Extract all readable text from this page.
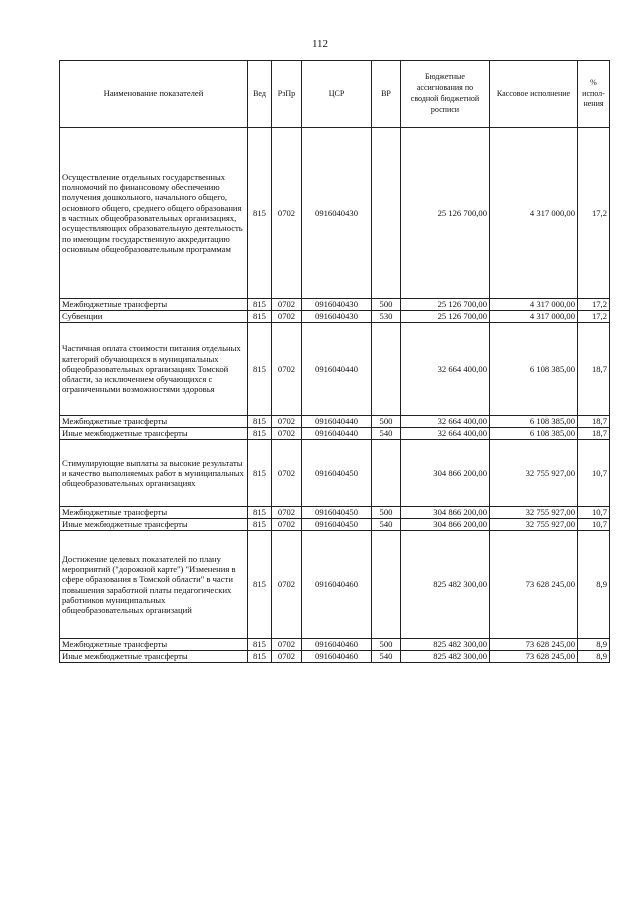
112
Наименование показателей	Вед	РзПр	ЦСР	ВР	Бюджетные ассигнования по сводной бюджетной росписи	Кассовое исполнение	% испол-нения
Осуществление отдельных государственных полномочий по финансовому обеспечению получения дошкольного, начального общего, основного общего, среднего общего образования в частных общеобразовательных организациях, осуществляющих образовательную деятельность по имеющим государственную аккредитацию основным общеобразовательным программам	815	0702	0916040430		25 126 700,00	4 317 000,00	17,2
Межбюджетные трансферты	815	0702	0916040430	500	25 126 700,00	4 317 000,00	17,2
Субвенции	815	0702	0916040430	530	25 126 700,00	4 317 000,00	17,2
Частичная оплата стоимости питания отдельных категорий обучающихся в муниципальных общеобразовательных организациях Томской области, за исключением обучающихся с ограниченными возможностями здоровья	815	0702	0916040440		32 664 400,00	6 108 385,00	18,7
Межбюджетные трансферты	815	0702	0916040440	500	32 664 400,00	6 108 385,00	18,7
Иные межбюджетные трансферты	815	0702	0916040440	540	32 664 400,00	6 108 385,00	18,7
Стимулирующие выплаты за высокие результаты и качество выполняемых работ в муниципальных общеобразовательных организациях	815	0702	0916040450		304 866 200,00	32 755 927,00	10,7
Межбюджетные трансферты	815	0702	0916040450	500	304 866 200,00	32 755 927,00	10,7
Иные межбюджетные трансферты	815	0702	0916040450	540	304 866 200,00	32 755 927,00	10,7
Достижение целевых показателей по плану мероприятий ("дорожной карте") "Изменения в сфере образования в Томской области" в части повышения заработной платы педагогических работников муниципальных общеобразовательных организаций	815	0702	0916040460		825 482 300,00	73 628 245,00	8,9
Межбюджетные трансферты	815	0702	0916040460	500	825 482 300,00	73 628 245,00	8,9
Иные межбюджетные трансферты	815	0702	0916040460	540	825 482 300,00	73 628 245,00	8,9
